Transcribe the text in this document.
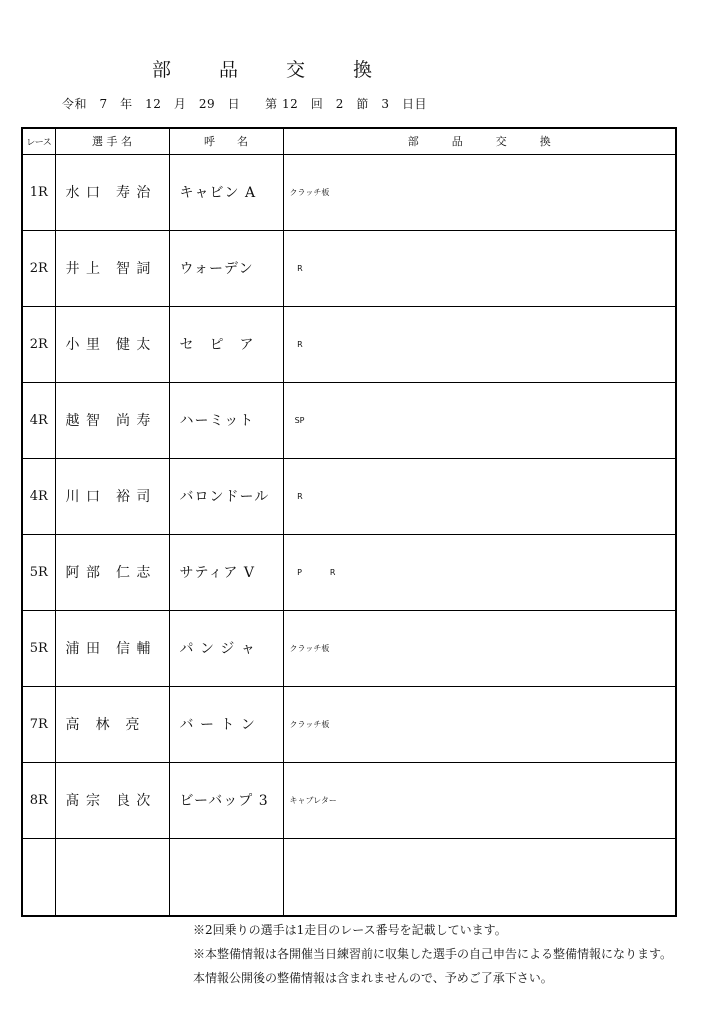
部	品	交	換
令和　7　年　12　月　29　日　　第 12　回　2　節　3　日目
レース	選 手 名	呼　　名	部　　　品　　　交　　　換
1R	水 口　寿 治	キャビン A	クラッチ板
2R	井 上　智 詞	ウォーデン	R
2R	小 里　健 太	セ　ピ　ア	R
4R	越 智　尚 寿	ハーミット	SP
4R	川 口　裕 司	バロンドール	R
5R	阿 部　仁 志	サティア V	P           R
5R	浦 田　信 輔	パ ン ジ ャ	クラッチ板
7R	高　林　亮	バ ー ト ン	クラッチ板
8R	髙 宗　良 次	ビーバップ 3	キャブレター

※2回乗りの選手は1走目のレース番号を記載しています。
※本整備情報は各開催当日練習前に収集した選手の自己申告による整備情報になります。
本情報公開後の整備情報は含まれませんので、予めご了承下さい。
